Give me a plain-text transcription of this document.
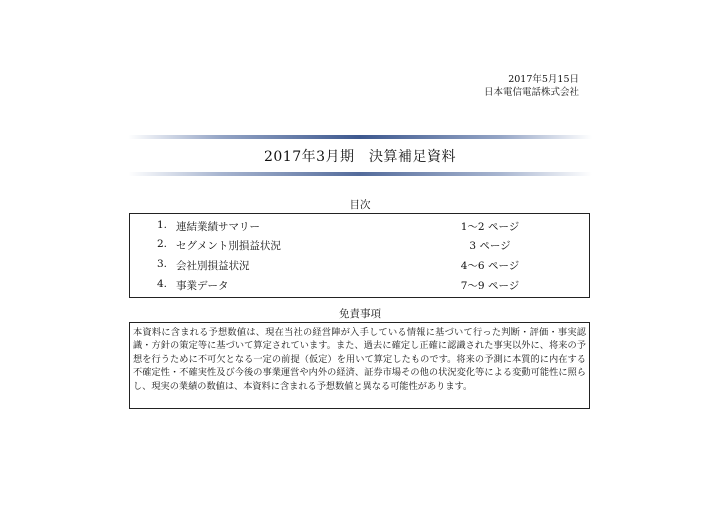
2017年5月15日
日本電信電話株式会社
2017年3月期　決算補足資料
目次
1. 連結業績サマリー	1～2 ページ
2. セグメント別損益状況	3 ページ
3. 会社別損益状況	4～6 ページ
4. 事業データ	7～9 ページ
免責事項
本資料に含まれる予想数値は、現在当社の経営陣が入手している情報に基づいて行った判断・評価・事実認識・方針の策定等に基づいて算定されています。また、過去に確定し正確に認識された事実以外に、将来の予想を行うために不可欠となる一定の前提（仮定）を用いて算定したものです。将来の予測に本質的に内在する不確定性・不確実性及び今後の事業運営や内外の経済、証券市場その他の状況変化等による変動可能性に照らし、現実の業績の数値は、本資料に含まれる予想数値と異なる可能性があります。
